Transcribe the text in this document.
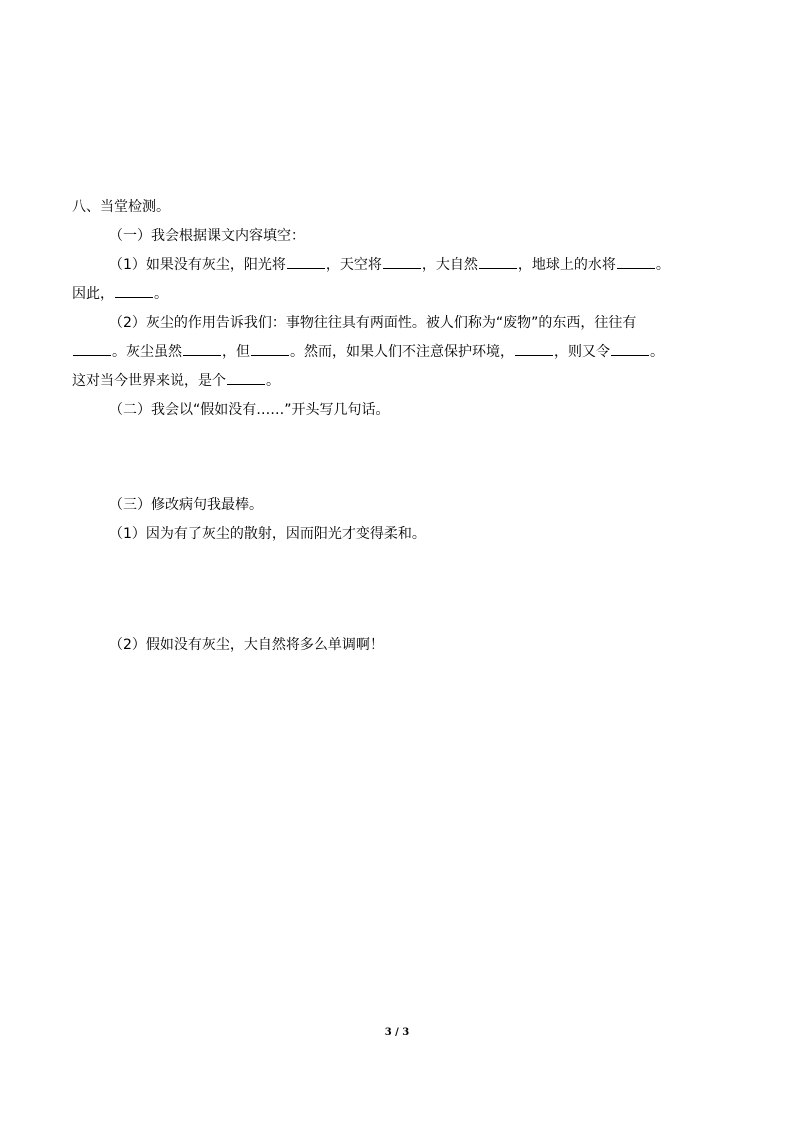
八、当堂检测。
（一）我会根据课文内容填空：
（1）如果没有灰尘，阳光将	，天空将	，大自然	，地球上的水将	。
因此，	。
（2）灰尘的作用告诉我们：事物往往具有两面性。被人们称为“废物”的东西，往往有
。灰尘虽然	，但	。然而，如果人们不注意保护环境，	，则又令	。
这对当今世界来说，是个	。
（二）我会以“假如没有……”开头写几句话。
（三）修改病句我最棒。
（1）因为有了灰尘的散射，因而阳光才变得柔和。
（2）假如没有灰尘，大自然将多么单调啊！
3 / 3
